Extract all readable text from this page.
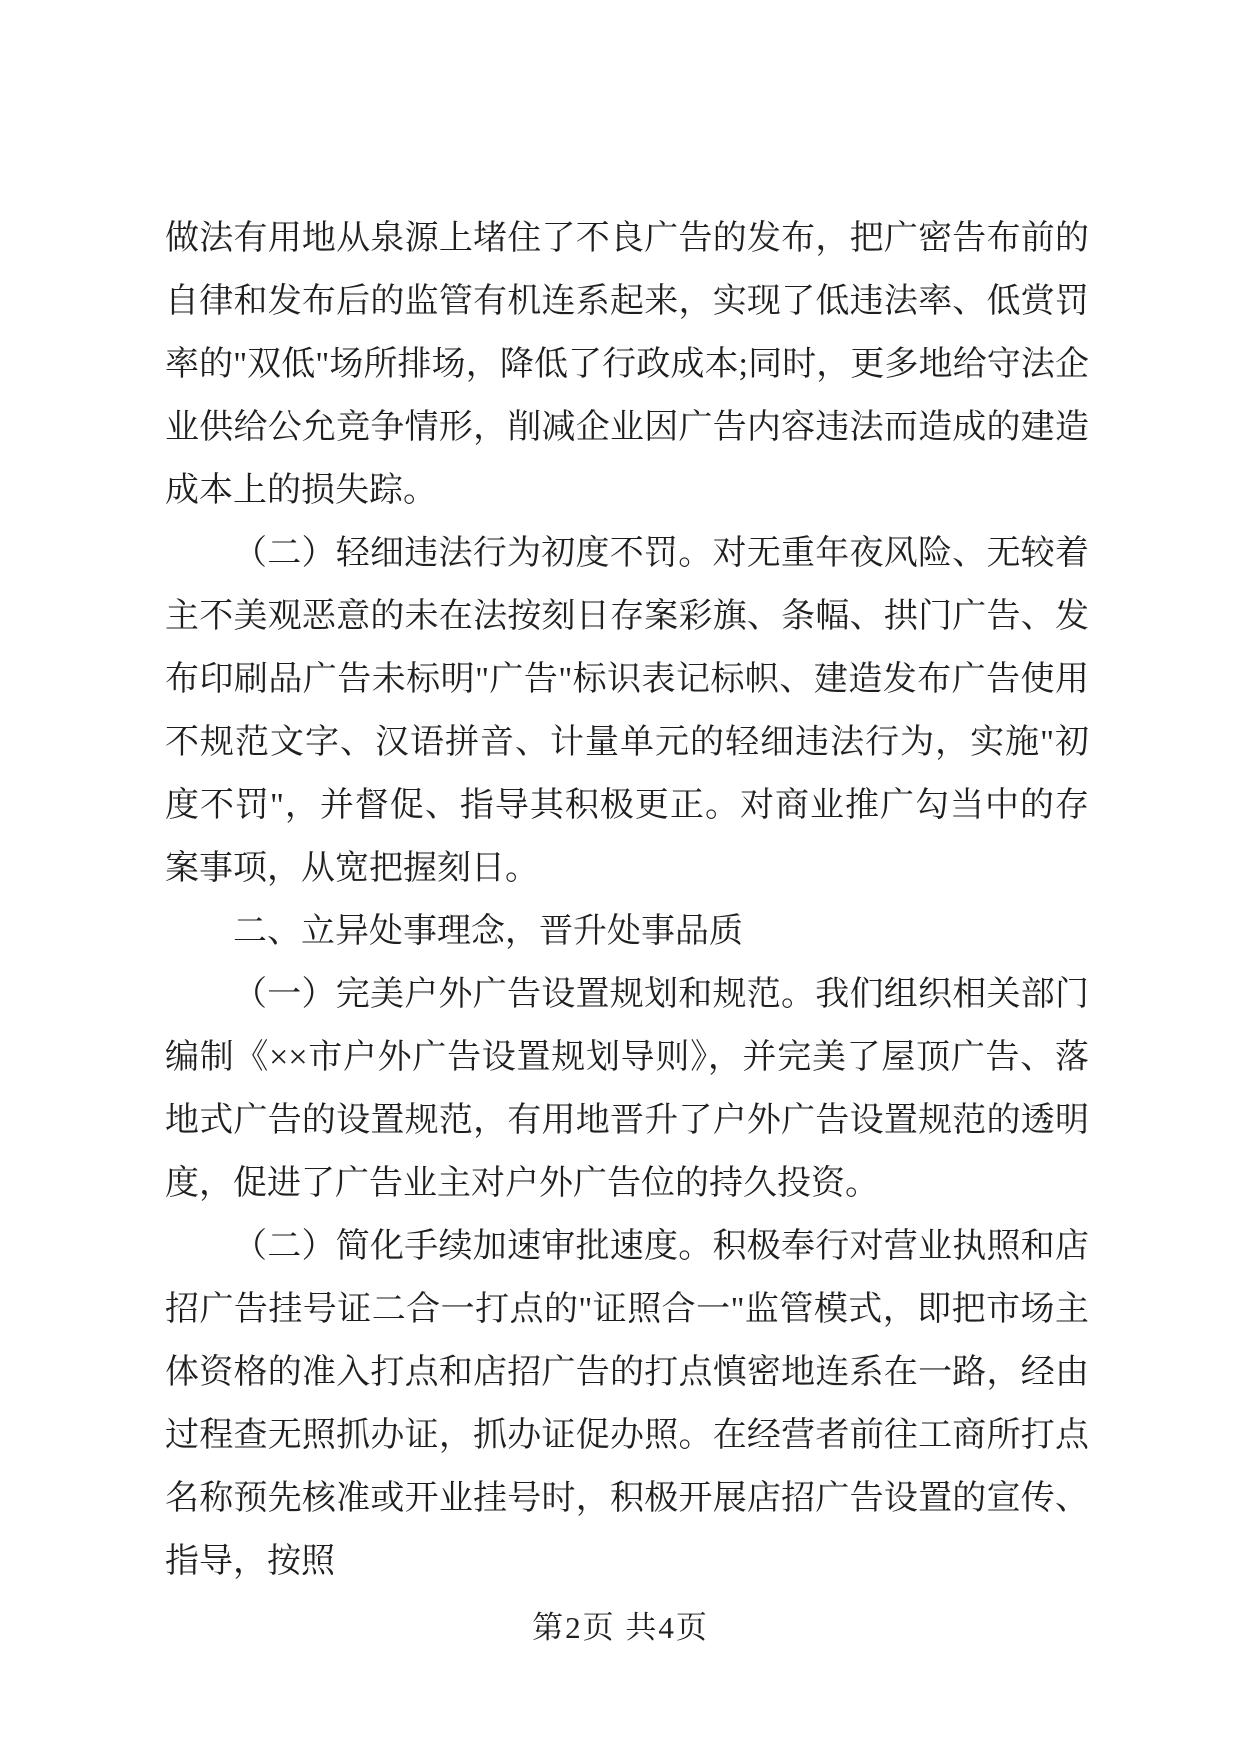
做法有用地从泉源上堵住了不良广告的发布，把广密告布前的自律和发布后的监管有机连系起来，实现了低违法率、低赏罚率的"双低"场所排场，降低了行政成本;同时，更多地给守法企业供给公允竞争情形，削减企业因广告内容违法而造成的建造成本上的损失踪。

（二）轻细违法行为初度不罚。对无重年夜风险、无较着主不美观恶意的未在法按刻日存案彩旗、条幅、拱门广告、发布印刷品广告未标明"广告"标识表记标帜、建造发布广告使用不规范文字、汉语拼音、计量单元的轻细违法行为，实施"初度不罚"，并督促、指导其积极更正。对商业推广勾当中的存案事项，从宽把握刻日。

二、立异处事理念，晋升处事品质

（一）完美户外广告设置规划和规范。我们组织相关部门编制《××市户外广告设置规划导则》，并完美了屋顶广告、落地式广告的设置规范，有用地晋升了户外广告设置规范的透明度，促进了广告业主对户外广告位的持久投资。

（二）简化手续加速审批速度。积极奉行对营业执照和店招广告挂号证二合一打点的"证照合一"监管模式，即把市场主体资格的准入打点和店招广告的打点慎密地连系在一路，经由过程查无照抓办证，抓办证促办照。在经营者前往工商所打点名称预先核准或开业挂号时，积极开展店招广告设置的宣传、指导，按照

第2页 共4页
